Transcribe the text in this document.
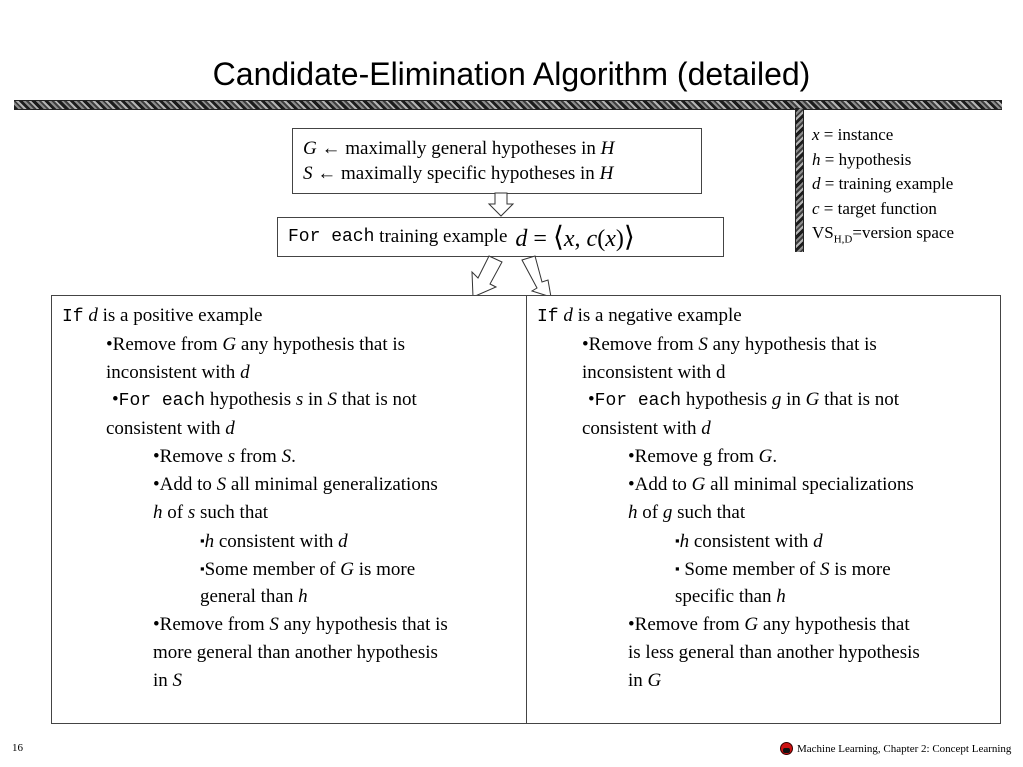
Candidate-Elimination Algorithm (detailed)
x = instance
h = hypothesis
d = training example
c = target function
$VS_{H,D}=version$ space
G ← maximally general hypotheses in H
S ← maximally specific hypotheses in H
For each
training example d = ⟨x, c(x)⟩
If d is a positive example
•Remove from G any hypothesis that is
inconsistent with d
•For each hypothesis s in S that is not
consistent with d
•Remove s from S.
•Add to S all minimal generalizations
h of s such that
▪h consistent with d
▪Some member of G is more
general than h
•Remove from S any hypothesis that is
more general than another hypothesis
in S
If d is a negative example
•Remove from S any hypothesis that is
inconsistent with d
•For each hypothesis g in G that is not
consistent with d
•Remove g from G.
•Add to G all minimal specializations
h of g such that
▪h consistent with d
▪ Some member of S is more
specific than h
•Remove from G any hypothesis that
is less general than another hypothesis
in G
16	Machine Learning, Chapter 2: Concept Learning
